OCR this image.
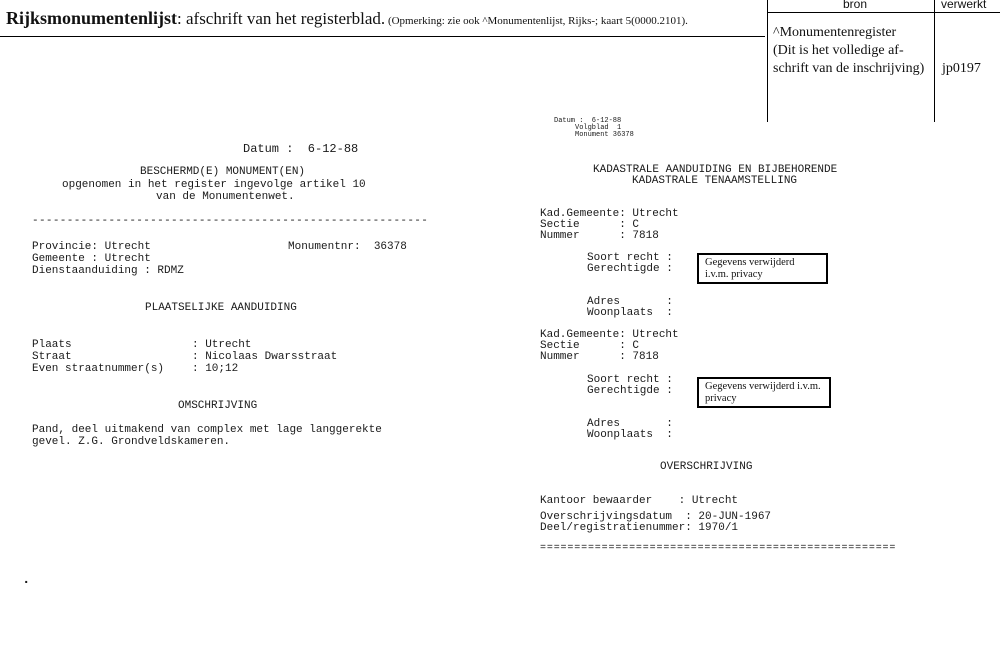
Rijksmonumentenlijst: afschrift van het registerblad. (Opmerking: zie ook ^Monumentenlijst, Rijks-; kaart 5(0000.2101).
bron	verwerkt
^Monumentenregister
(Dit is het volledige af-
schrift van de inschrijving) jp0197
Datum :  6-12-88
BESCHERMD(E) MONUMENT(EN)
opgenomen in het register ingevolge artikel 10
van de Monumentenwet.
---------------------------------------------------------
Provincie: Utrecht	Monumentnr:  36378
Gemeente : Utrecht
Dienstaanduiding : RDMZ
PLAATSELIJKE AANDUIDING
Plaats	: Utrecht
Straat	: Nicolaas Dwarsstraat
Even straatnummer(s)	: 10;12
OMSCHRIJVING
Pand, deel uitmakend van complex met lage langgerekte
gevel. Z.G. Grondveldskameren.
.
Datum :  6-12-88
Volgblad  1
Monument 36378
KADASTRALE AANDUIDING EN BIJBEHORENDE
KADASTRALE TENAAMSTELLING
Kad.Gemeente: Utrecht
Sectie      : C
Nummer      : 7818
Soort recht :
Gerechtigde :
Gegevens verwijderd i.v.m. privacy
Adres       :
Woonplaats  :
Kad.Gemeente: Utrecht
Sectie      : C
Nummer      : 7818
Soort recht :
Gerechtigde :	Gegevens verwijderd i.v.m. privacy
Adres       :
Woonplaats  :
OVERSCHRIJVING
Kantoor bewaarder    : Utrecht
Overschrijvingsdatum  : 20-JUN-1967
Deel/registratienummer: 1970/1
====================================================
